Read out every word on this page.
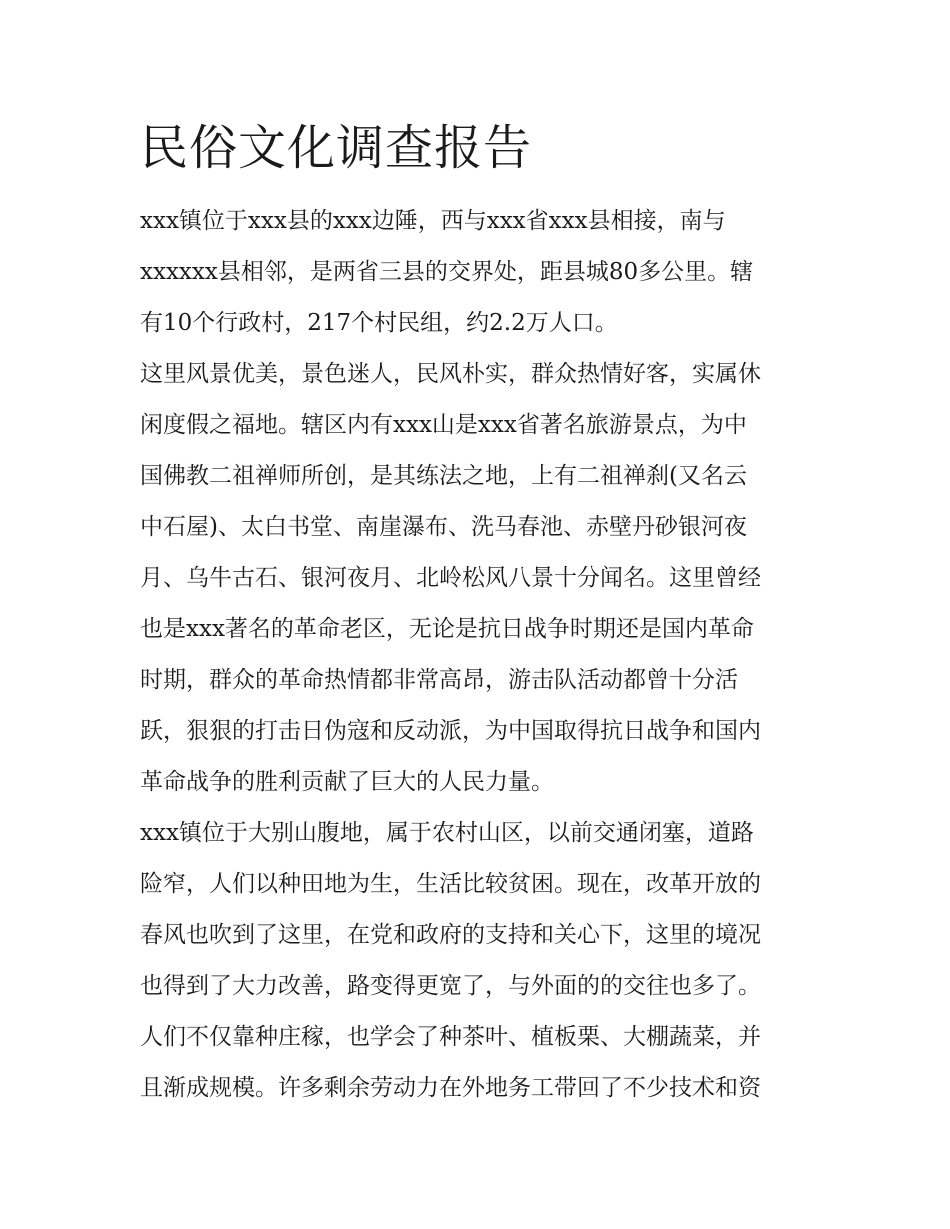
民俗文化调查报告
xxx镇位于xxx县的xxx边陲，西与xxx省xxx县相接，南与
xxxxxx县相邻，是两省三县的交界处，距县城80多公里。辖
有10个行政村，217个村民组，约2.2万人口。
这里风景优美，景色迷人，民风朴实，群众热情好客，实属休
闲度假之福地。辖区内有xxx山是xxx省著名旅游景点，为中
国佛教二祖禅师所创，是其练法之地，上有二祖禅刹(又名云
中石屋)、太白书堂、南崖瀑布、洗马春池、赤壁丹砂银河夜
月、乌牛古石、银河夜月、北岭松风八景十分闻名。这里曾经
也是xxx著名的革命老区，无论是抗日战争时期还是国内革命
时期，群众的革命热情都非常高昂，游击队活动都曾十分活
跃，狠狠的打击日伪寇和反动派，为中国取得抗日战争和国内
革命战争的胜利贡献了巨大的人民力量。
xxx镇位于大别山腹地，属于农村山区，以前交通闭塞，道路
险窄，人们以种田地为生，生活比较贫困。现在，改革开放的
春风也吹到了这里，在党和政府的支持和关心下，这里的境况
也得到了大力改善，路变得更宽了，与外面的的交往也多了。
人们不仅靠种庄稼，也学会了种茶叶、植板栗、大棚蔬菜，并
且渐成规模。许多剩余劳动力在外地务工带回了不少技术和资
